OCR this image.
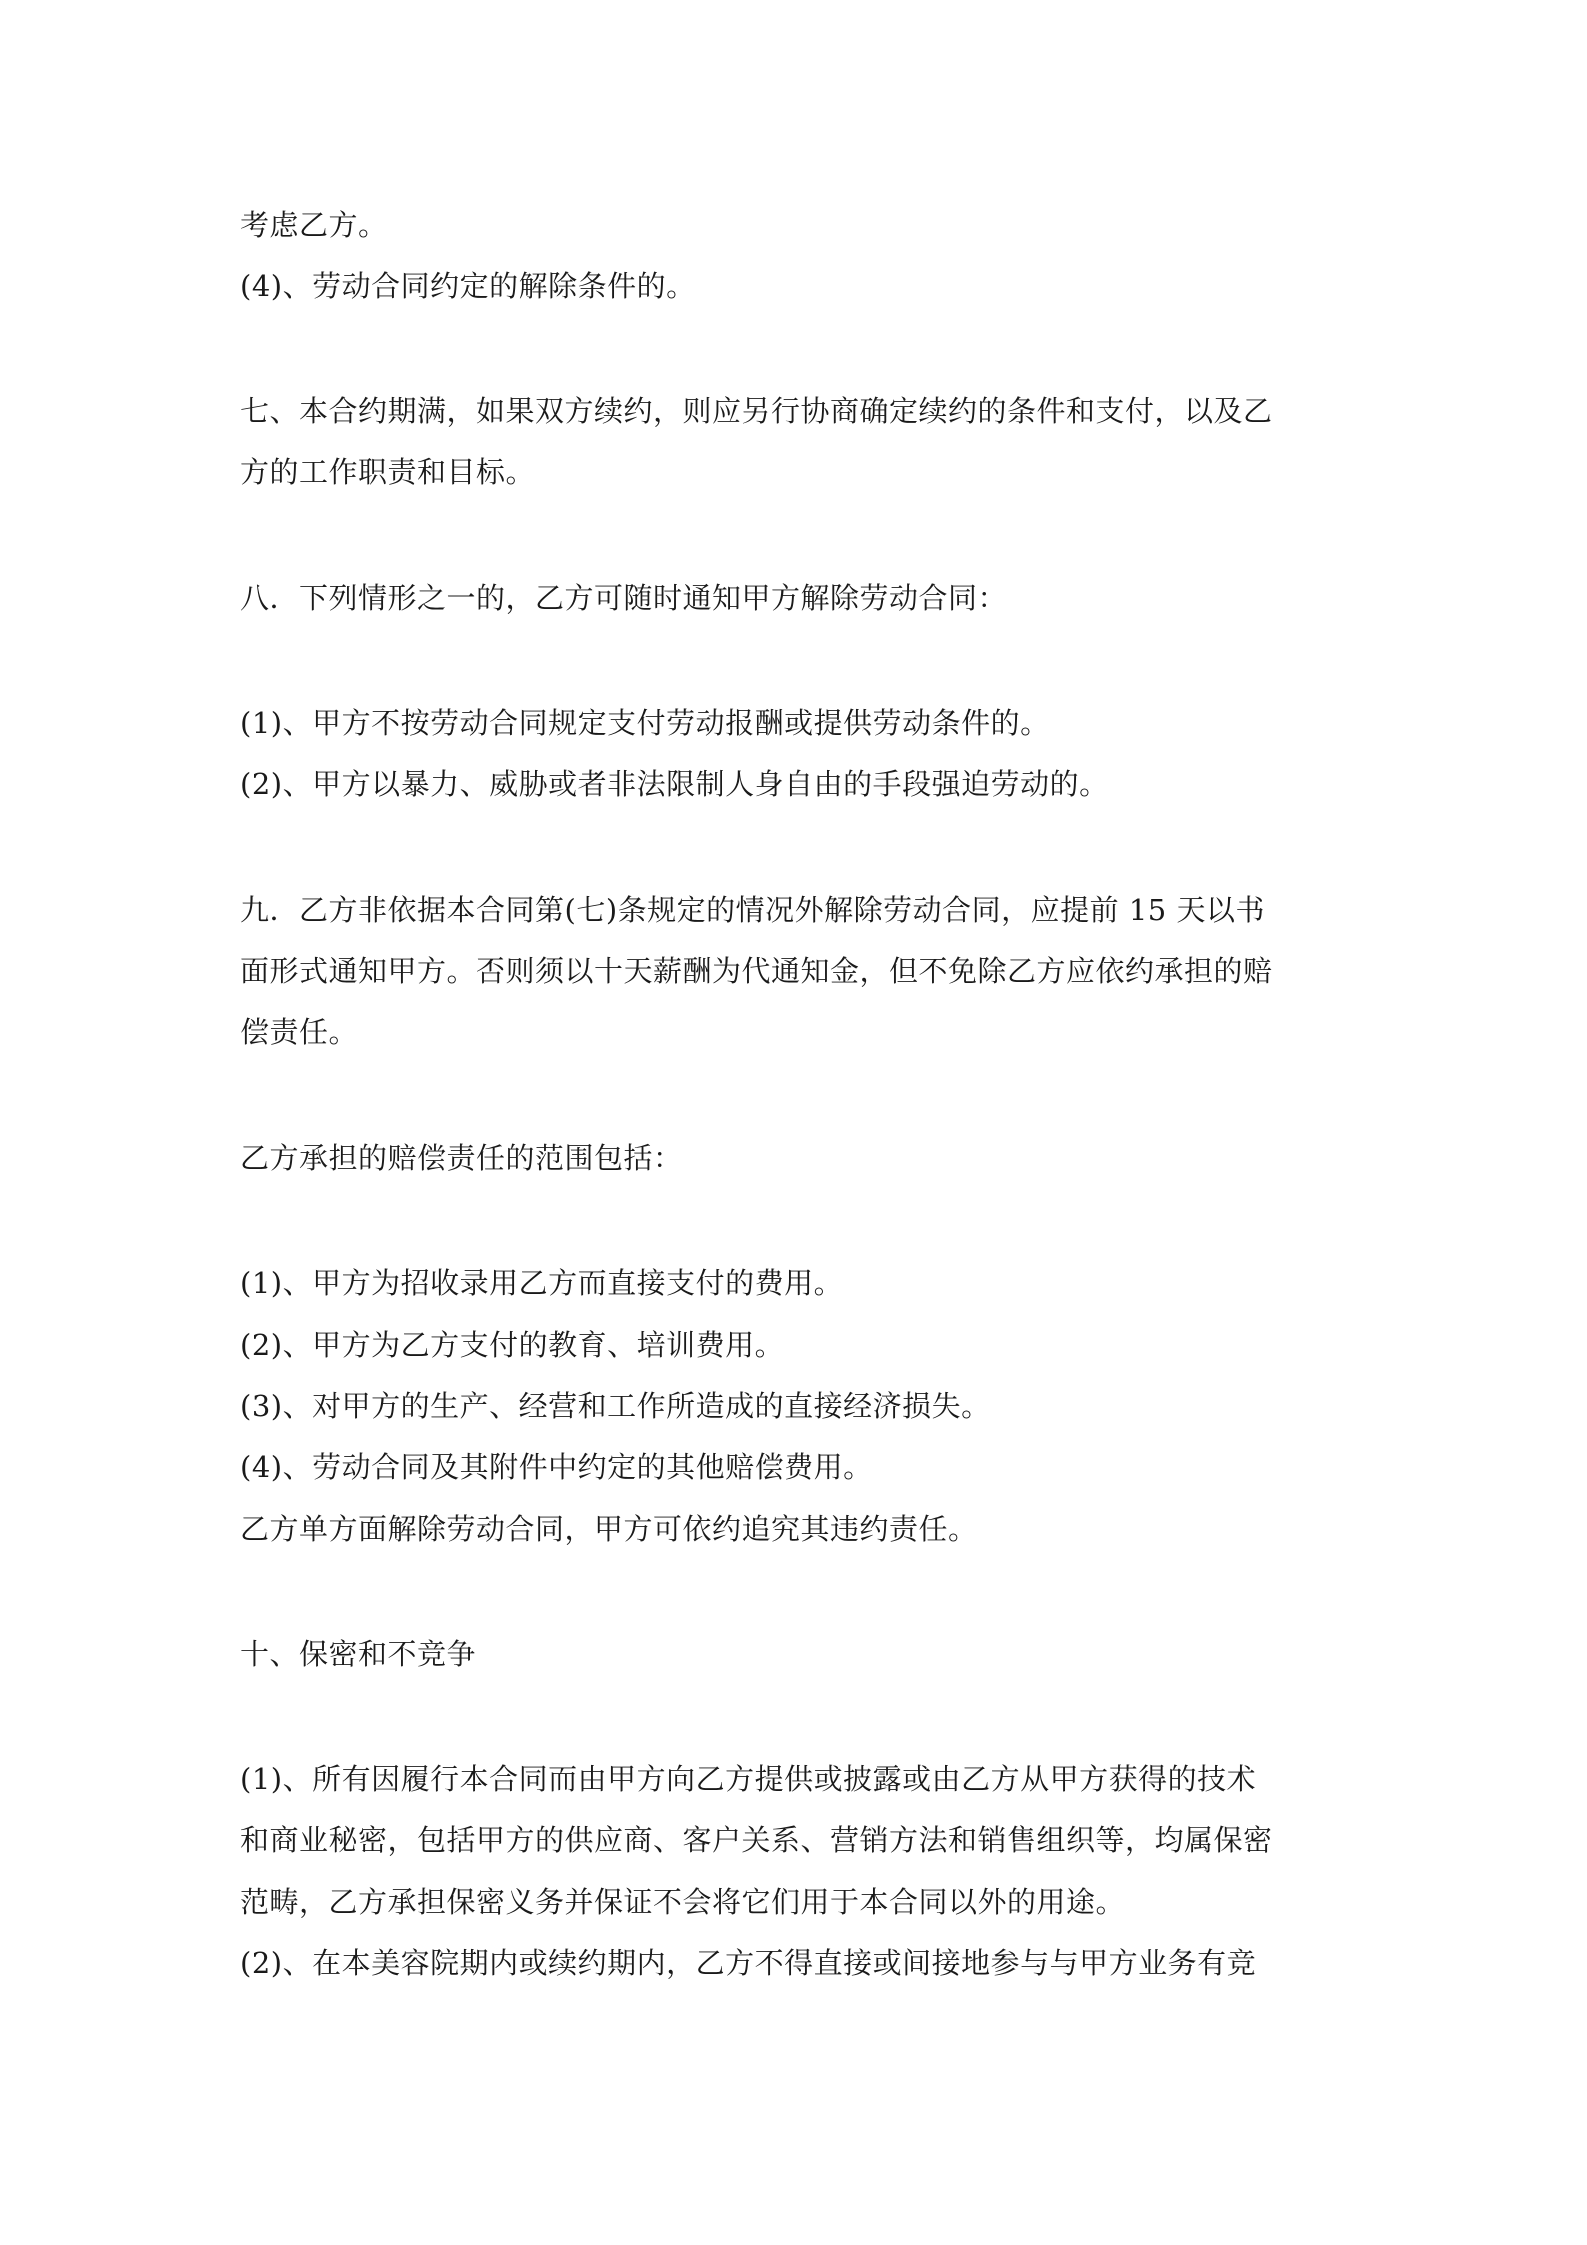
考虑乙方。

(4)、劳动合同约定的解除条件的。

七、本合约期满，如果双方续约，则应另行协商确定续约的条件和支付，以及乙

方的工作职责和目标。

八．下列情形之一的，乙方可随时通知甲方解除劳动合同：

(1)、甲方不按劳动合同规定支付劳动报酬或提供劳动条件的。

(2)、甲方以暴力、威胁或者非法限制人身自由的手段强迫劳动的。

九．乙方非依据本合同第(七)条规定的情况外解除劳动合同，应提前 15 天以书

面形式通知甲方。否则须以十天薪酬为代通知金，但不免除乙方应依约承担的赔

偿责任。

乙方承担的赔偿责任的范围包括：

(1)、甲方为招收录用乙方而直接支付的费用。

(2)、甲方为乙方支付的教育、培训费用。

(3)、对甲方的生产、经营和工作所造成的直接经济损失。

(4)、劳动合同及其附件中约定的其他赔偿费用。

乙方单方面解除劳动合同，甲方可依约追究其违约责任。

十、保密和不竞争

(1)、所有因履行本合同而由甲方向乙方提供或披露或由乙方从甲方获得的技术

和商业秘密，包括甲方的供应商、客户关系、营销方法和销售组织等，均属保密

范畴，乙方承担保密义务并保证不会将它们用于本合同以外的用途。

(2)、在本美容院期内或续约期内，乙方不得直接或间接地参与与甲方业务有竞
